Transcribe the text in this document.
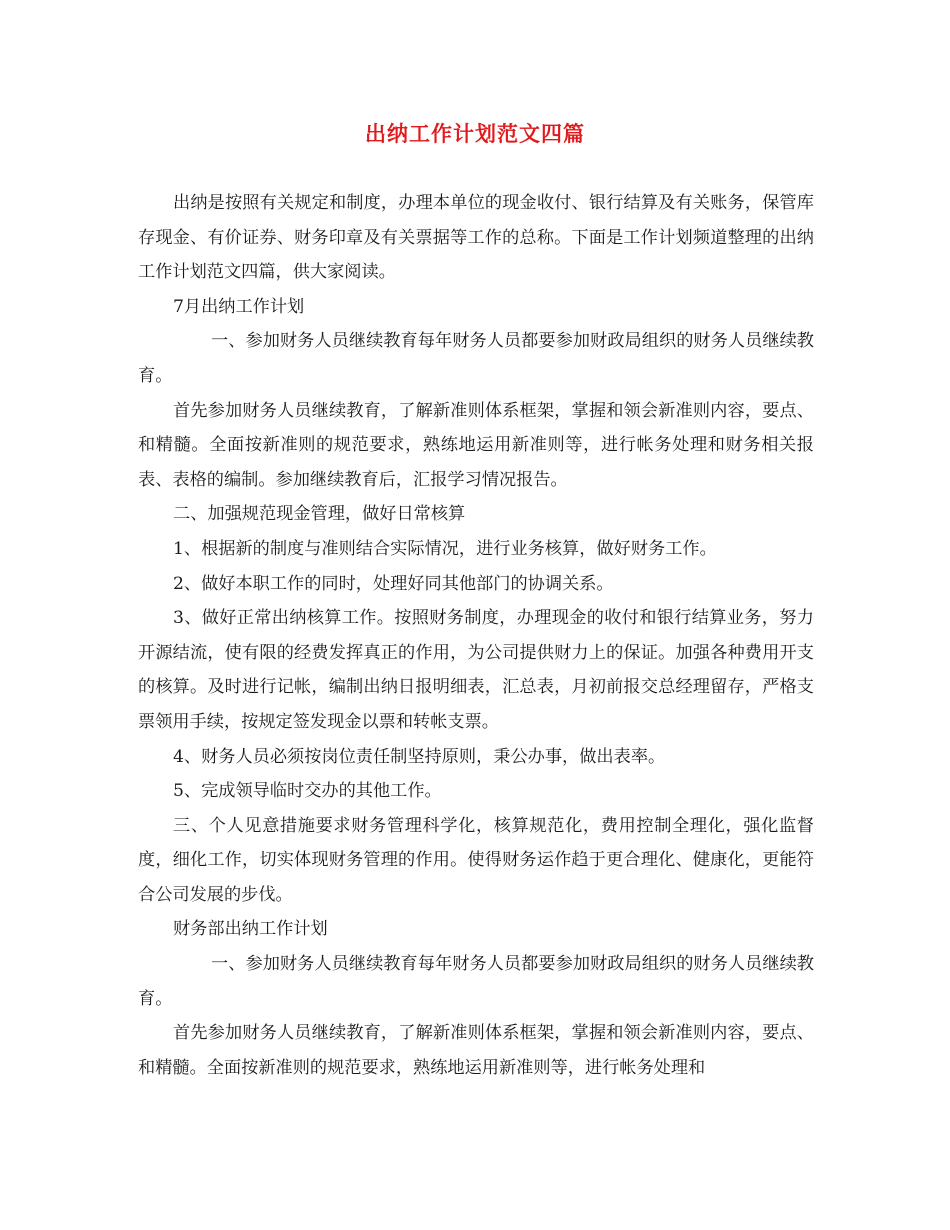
出纳工作计划范文四篇

出纳是按照有关规定和制度，办理本单位的现金收付、银行结算及有关账务，保管库存现金、有价证券、财务印章及有关票据等工作的总称。下面是工作计划频道整理的出纳工作计划范文四篇，供大家阅读。

7月出纳工作计划

一、参加财务人员继续教育每年财务人员都要参加财政局组织的财务人员继续教育。

首先参加财务人员继续教育，了解新准则体系框架，掌握和领会新准则内容，要点、和精髓。全面按新准则的规范要求，熟练地运用新准则等，进行帐务处理和财务相关报表、表格的编制。参加继续教育后，汇报学习情况报告。

二、加强规范现金管理，做好日常核算

1、根据新的制度与准则结合实际情况，进行业务核算，做好财务工作。

2、做好本职工作的同时，处理好同其他部门的协调关系。

3、做好正常出纳核算工作。按照财务制度，办理现金的收付和银行结算业务，努力开源结流，使有限的经费发挥真正的作用，为公司提供财力上的保证。加强各种费用开支的核算。及时进行记帐，编制出纳日报明细表，汇总表，月初前报交总经理留存，严格支票领用手续，按规定签发现金以票和转帐支票。

4、财务人员必须按岗位责任制坚持原则，秉公办事，做出表率。

5、完成领导临时交办的其他工作。

三、个人见意措施要求财务管理科学化，核算规范化，费用控制全理化，强化监督度，细化工作，切实体现财务管理的作用。使得财务运作趋于更合理化、健康化，更能符合公司发展的步伐。

财务部出纳工作计划

一、参加财务人员继续教育每年财务人员都要参加财政局组织的财务人员继续教育。

首先参加财务人员继续教育，了解新准则体系框架，掌握和领会新准则内容，要点、和精髓。全面按新准则的规范要求，熟练地运用新准则等，进行帐务处理和
